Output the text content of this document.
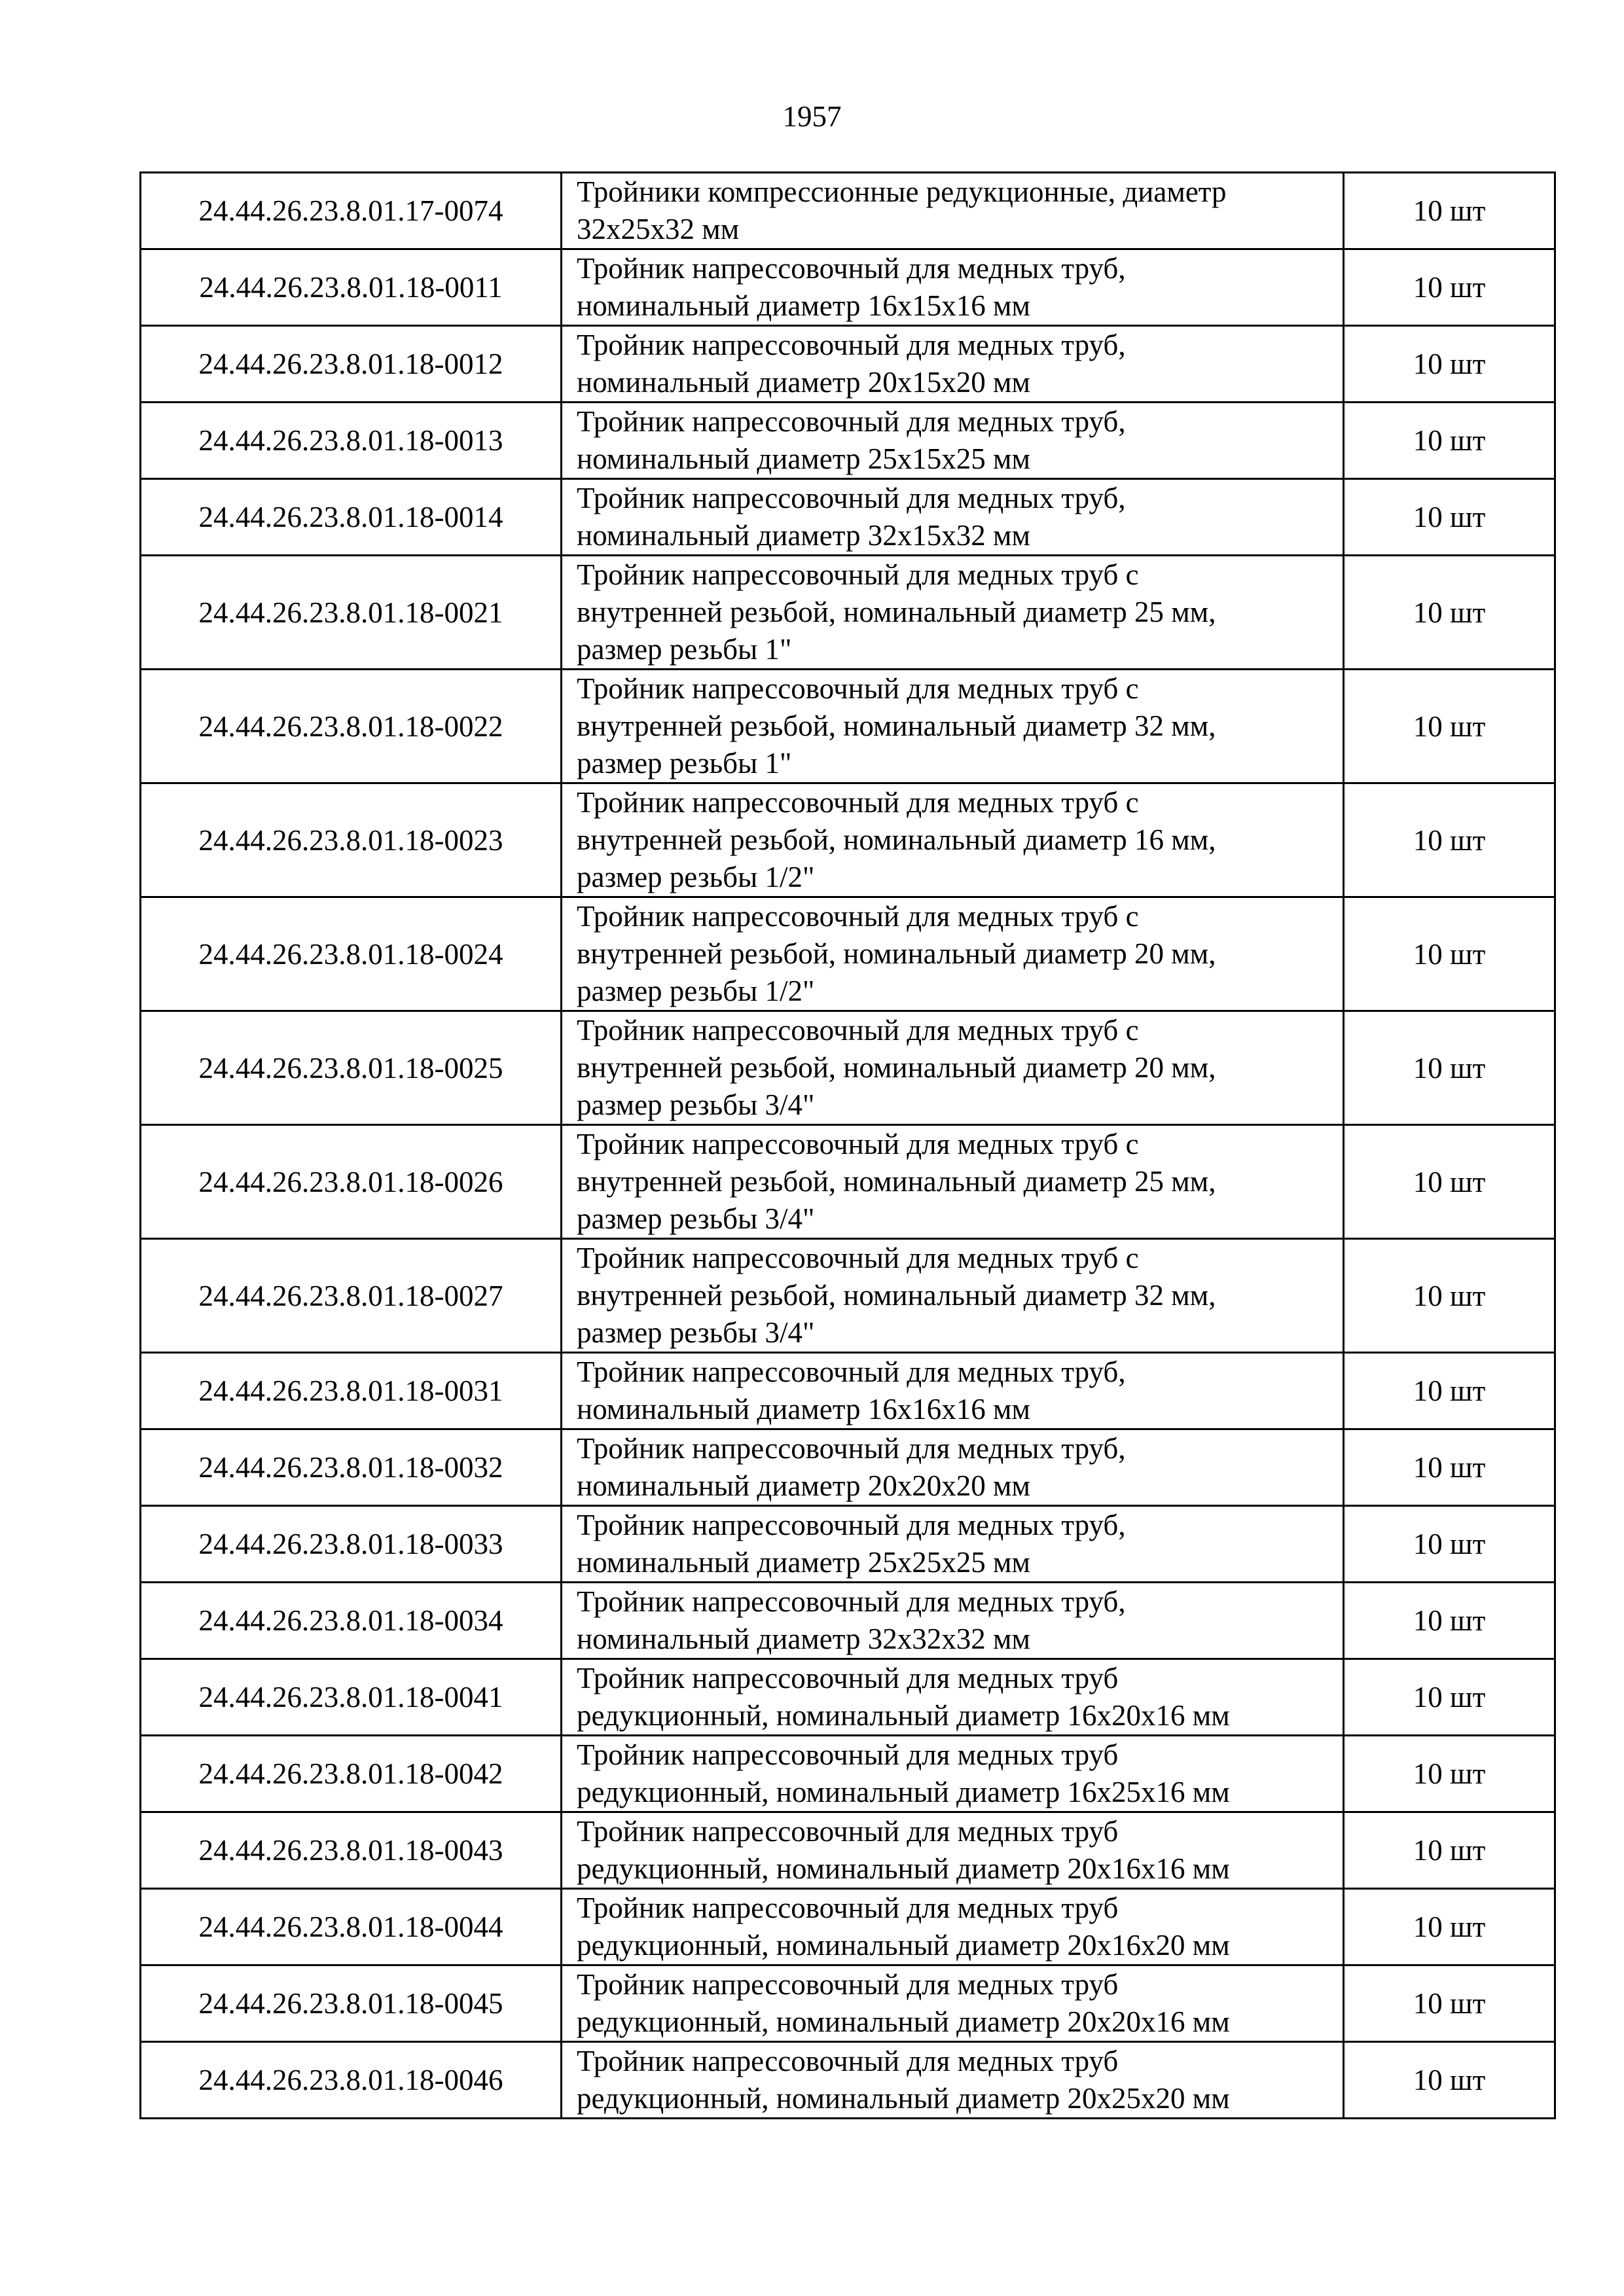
1957
24.44.26.23.8.01.17-0074	Тройники компрессионные редукционные, диаметр
32х25х32 мм	10 шт
24.44.26.23.8.01.18-0011	Тройник напрессовочный для медных труб,
номинальный диаметр 16х15х16 мм	10 шт
24.44.26.23.8.01.18-0012	Тройник напрессовочный для медных труб,
номинальный диаметр 20х15х20 мм	10 шт
24.44.26.23.8.01.18-0013	Тройник напрессовочный для медных труб,
номинальный диаметр 25х15х25 мм	10 шт
24.44.26.23.8.01.18-0014	Тройник напрессовочный для медных труб,
номинальный диаметр 32х15х32 мм	10 шт
24.44.26.23.8.01.18-0021	Тройник напрессовочный для медных труб с
внутренней резьбой, номинальный диаметр 25 мм,
размер резьбы 1"	10 шт
24.44.26.23.8.01.18-0022	Тройник напрессовочный для медных труб с
внутренней резьбой, номинальный диаметр 32 мм,
размер резьбы 1"	10 шт
24.44.26.23.8.01.18-0023	Тройник напрессовочный для медных труб с
внутренней резьбой, номинальный диаметр 16 мм,
размер резьбы 1/2"	10 шт
24.44.26.23.8.01.18-0024	Тройник напрессовочный для медных труб с
внутренней резьбой, номинальный диаметр 20 мм,
размер резьбы 1/2"	10 шт
24.44.26.23.8.01.18-0025	Тройник напрессовочный для медных труб с
внутренней резьбой, номинальный диаметр 20 мм,
размер резьбы 3/4"	10 шт
24.44.26.23.8.01.18-0026	Тройник напрессовочный для медных труб с
внутренней резьбой, номинальный диаметр 25 мм,
размер резьбы 3/4"	10 шт
24.44.26.23.8.01.18-0027	Тройник напрессовочный для медных труб с
внутренней резьбой, номинальный диаметр 32 мм,
размер резьбы 3/4"	10 шт
24.44.26.23.8.01.18-0031	Тройник напрессовочный для медных труб,
номинальный диаметр 16х16х16 мм	10 шт
24.44.26.23.8.01.18-0032	Тройник напрессовочный для медных труб,
номинальный диаметр 20х20х20 мм	10 шт
24.44.26.23.8.01.18-0033	Тройник напрессовочный для медных труб,
номинальный диаметр 25х25х25 мм	10 шт
24.44.26.23.8.01.18-0034	Тройник напрессовочный для медных труб,
номинальный диаметр 32х32х32 мм	10 шт
24.44.26.23.8.01.18-0041	Тройник напрессовочный для медных труб
редукционный, номинальный диаметр 16х20х16 мм	10 шт
24.44.26.23.8.01.18-0042	Тройник напрессовочный для медных труб
редукционный, номинальный диаметр 16х25х16 мм	10 шт
24.44.26.23.8.01.18-0043	Тройник напрессовочный для медных труб
редукционный, номинальный диаметр 20х16х16 мм	10 шт
24.44.26.23.8.01.18-0044	Тройник напрессовочный для медных труб
редукционный, номинальный диаметр 20х16х20 мм	10 шт
24.44.26.23.8.01.18-0045	Тройник напрессовочный для медных труб
редукционный, номинальный диаметр 20х20х16 мм	10 шт
24.44.26.23.8.01.18-0046	Тройник напрессовочный для медных труб
редукционный, номинальный диаметр 20х25х20 мм	10 шт
